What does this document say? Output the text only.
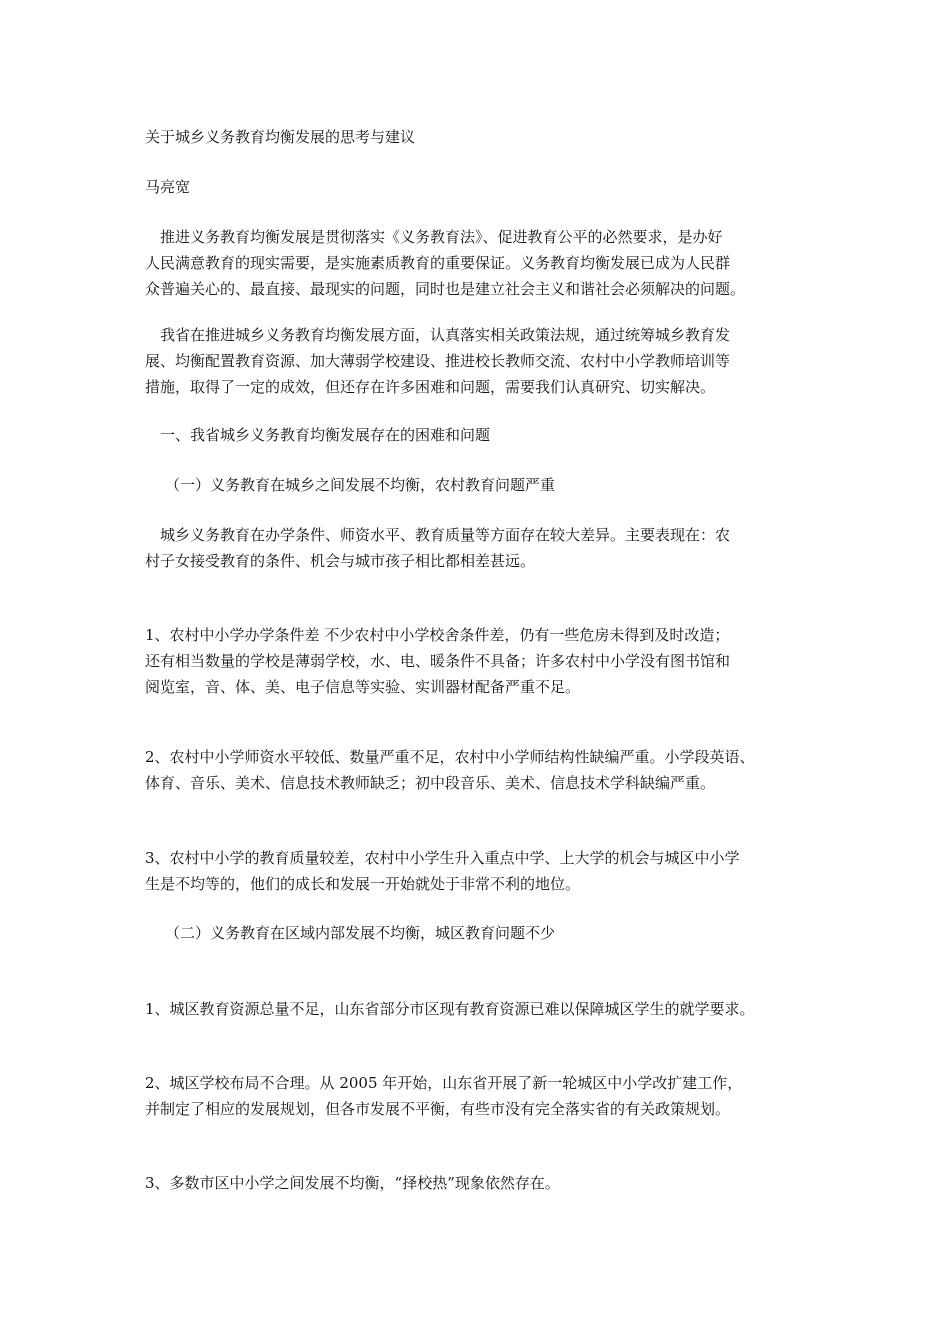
关于城乡义务教育均衡发展的思考与建议

马亮宽

推进义务教育均衡发展是贯彻落实《义务教育法》、促进教育公平的必然要求，是办好
人民满意教育的现实需要，是实施素质教育的重要保证。义务教育均衡发展已成为人民群
众普遍关心的、最直接、最现实的问题，同时也是建立社会主义和谐社会必须解决的问题。

我省在推进城乡义务教育均衡发展方面，认真落实相关政策法规，通过统筹城乡教育发
展、均衡配置教育资源、加大薄弱学校建设、推进校长教师交流、农村中小学教师培训等
措施，取得了一定的成效，但还存在许多困难和问题，需要我们认真研究、切实解决。

一、我省城乡义务教育均衡发展存在的困难和问题

（一）义务教育在城乡之间发展不均衡，农村教育问题严重

城乡义务教育在办学条件、师资水平、教育质量等方面存在较大差异。主要表现在：农
村子女接受教育的条件、机会与城市孩子相比都相差甚远。

1、农村中小学办学条件差 不少农村中小学校舍条件差，仍有一些危房未得到及时改造；
还有相当数量的学校是薄弱学校，水、电、暖条件不具备；许多农村中小学没有图书馆和
阅览室，音、体、美、电子信息等实验、实训器材配备严重不足。

2、农村中小学师资水平较低、数量严重不足，农村中小学师结构性缺编严重。小学段英语、
体育、音乐、美术、信息技术教师缺乏；初中段音乐、美术、信息技术学科缺编严重。

3、农村中小学的教育质量较差，农村中小学生升入重点中学、上大学的机会与城区中小学
生是不均等的，他们的成长和发展一开始就处于非常不利的地位。

（二）义务教育在区域内部发展不均衡，城区教育问题不少

1、城区教育资源总量不足，山东省部分市区现有教育资源已难以保障城区学生的就学要求。

2、城区学校布局不合理。从 2005 年开始，山东省开展了新一轮城区中小学改扩建工作，
并制定了相应的发展规划，但各市发展不平衡，有些市没有完全落实省的有关政策规划。

3、多数市区中小学之间发展不均衡，“择校热”现象依然存在。
